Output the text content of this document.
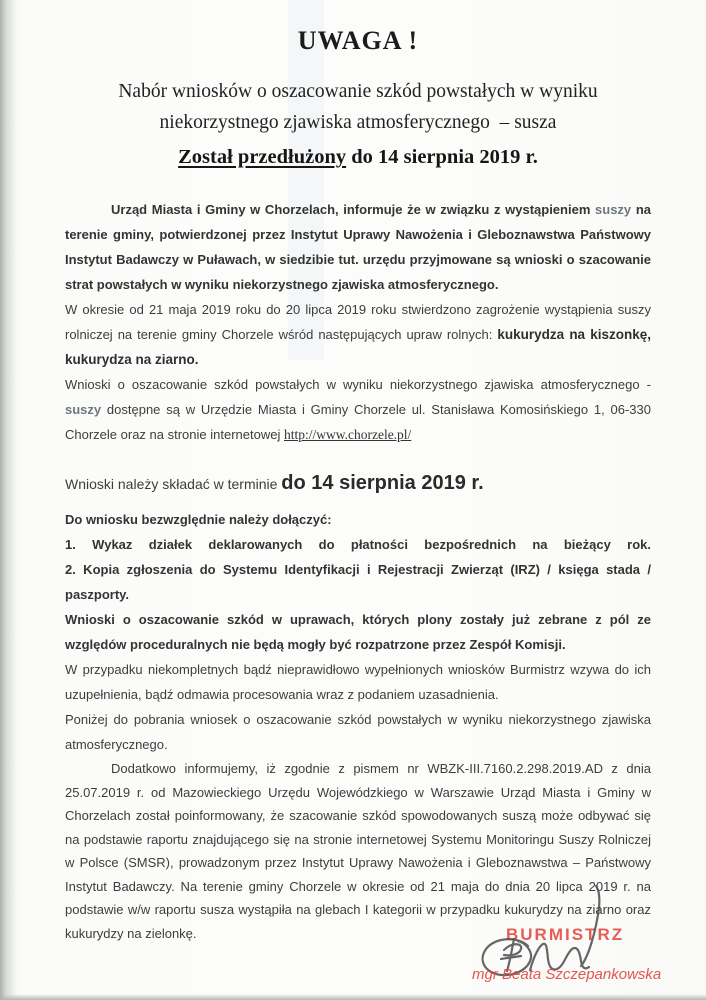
UWAGA !

Nabór wniosków o oszacowanie szkód powstałych w wyniku
niekorzystnego zjawiska atmosferycznego  – susza

Został przedłużony do 14 sierpnia 2019 r.

Urząd Miasta i Gminy w Chorzelach, informuje że w związku z wystąpieniem suszy na terenie gminy, potwierdzonej przez Instytut Uprawy Nawożenia i Gleboznawstwa Państwowy Instytut Badawczy w Puławach, w siedzibie tut. urzędu przyjmowane są wnioski o szacowanie strat powstałych w wyniku niekorzystnego zjawiska atmosferycznego.

W okresie od 21 maja 2019 roku do 20 lipca 2019 roku stwierdzono zagrożenie wystąpienia suszy rolniczej na terenie gminy Chorzele wśród następujących upraw rolnych: kukurydza na kiszonkę, kukurydza na ziarno.

Wnioski o oszacowanie szkód powstałych w wyniku niekorzystnego zjawiska atmosferycznego - suszy dostępne są w Urzędzie Miasta i Gminy Chorzele ul. Stanisława Komosińskiego 1, 06-330 Chorzele oraz na stronie internetowej http://www.chorzele.pl/

Wnioski należy składać w terminie do 14 sierpnia 2019 r.

Do wniosku bezwzględnie należy dołączyć:

1. Wykaz działek deklarowanych do płatności bezpośrednich na bieżący rok.

2. Kopia zgłoszenia do Systemu Identyfikacji i Rejestracji Zwierząt (IRZ) / księga stada / paszporty.

Wnioski o oszacowanie szkód w uprawach, których plony zostały już zebrane z pól ze względów proceduralnych nie będą mogły być rozpatrzone przez Zespół Komisji.

W przypadku niekompletnych bądź nieprawidłowo wypełnionych wniosków Burmistrz wzywa do ich uzupełnienia, bądź odmawia procesowania wraz z podaniem uzasadnienia.

Poniżej do pobrania wniosek o oszacowanie szkód powstałych w wyniku niekorzystnego zjawiska atmosferycznego.

Dodatkowo informujemy, iż zgodnie z pismem nr WBZK-III.7160.2.298.2019.AD z dnia 25.07.2019 r. od Mazowieckiego Urzędu Wojewódzkiego w Warszawie Urząd Miasta i Gminy w Chorzelach został poinformowany, że szacowanie szkód spowodowanych suszą może odbywać się na podstawie raportu znajdującego się na stronie internetowej Systemu Monitoringu Suszy Rolniczej w Polsce (SMSR), prowadzonym przez Instytut Uprawy Nawożenia i Gleboznawstwa – Państwowy Instytut Badawczy. Na terenie gminy Chorzele w okresie od 21 maja do dnia 20 lipca 2019 r. na podstawie w/w raportu susza wystąpiła na glebach I kategorii w przypadku kukurydzy na ziarno oraz kukurydzy na zielonkę.	BURMISTRZ
mgr Beata Szczepankowska
